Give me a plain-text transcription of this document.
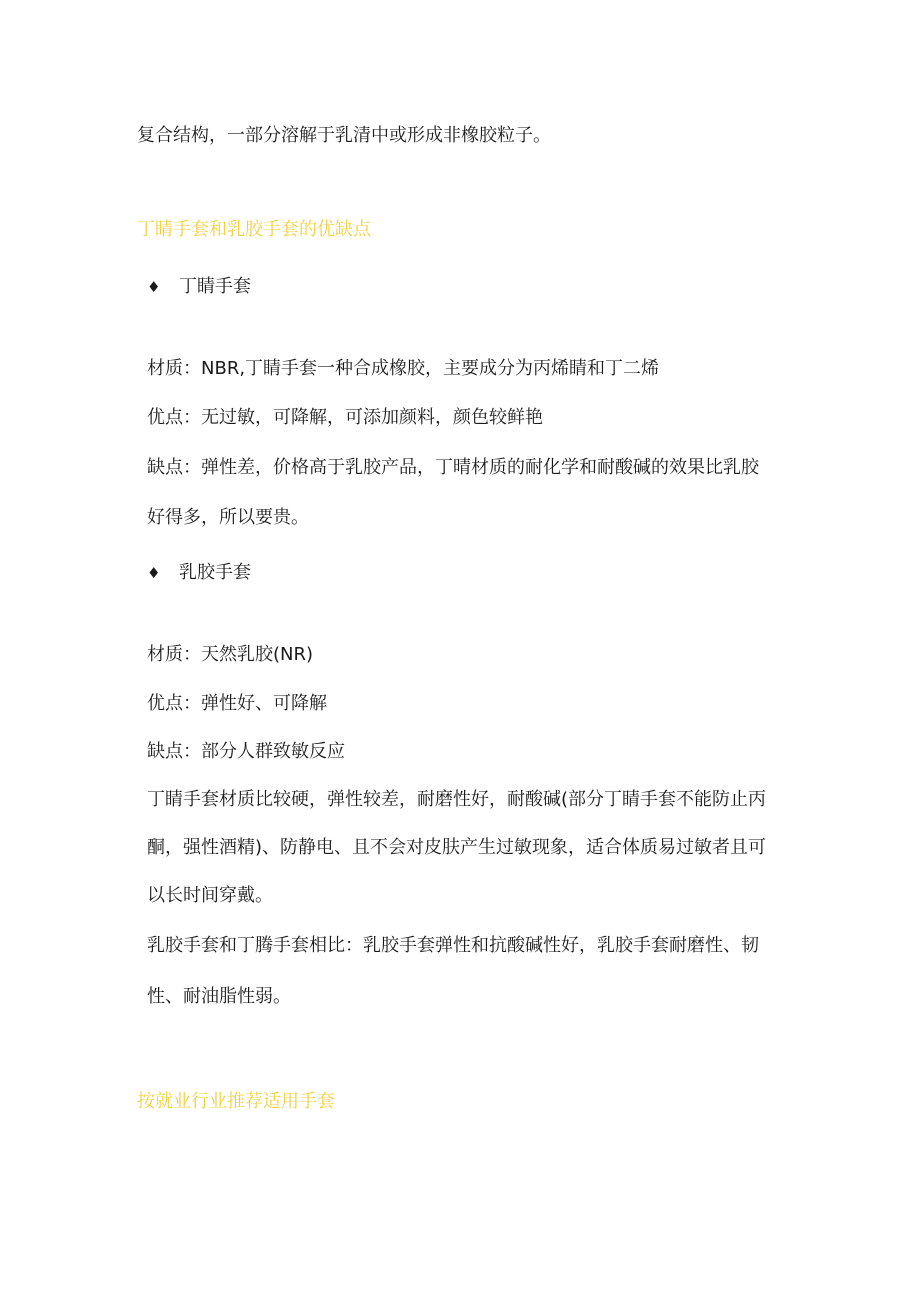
复合结构，一部分溶解于乳清中或形成非橡胶粒子。
丁睛手套和乳胶手套的优缺点
♦ 丁睛手套
材质：NBR,丁睛手套一种合成橡胶，主要成分为丙烯睛和丁二烯
优点：无过敏，可降解，可添加颜料，颜色较鲜艳
缺点：弹性差，价格高于乳胶产品，丁晴材质的耐化学和耐酸碱的效果比乳胶
好得多，所以要贵。
♦ 乳胶手套
材质：天然乳胶(NR)
优点：弹性好、可降解
缺点：部分人群致敏反应
丁睛手套材质比较硬，弹性较差，耐磨性好，耐酸碱(部分丁睛手套不能防止丙
酮，强性酒精)、防静电、且不会对皮肤产生过敏现象，适合体质易过敏者且可
以长时间穿戴。
乳胶手套和丁腾手套相比：乳胶手套弹性和抗酸碱性好，乳胶手套耐磨性、韧
性、耐油脂性弱。
按就业行业推荐适用手套
